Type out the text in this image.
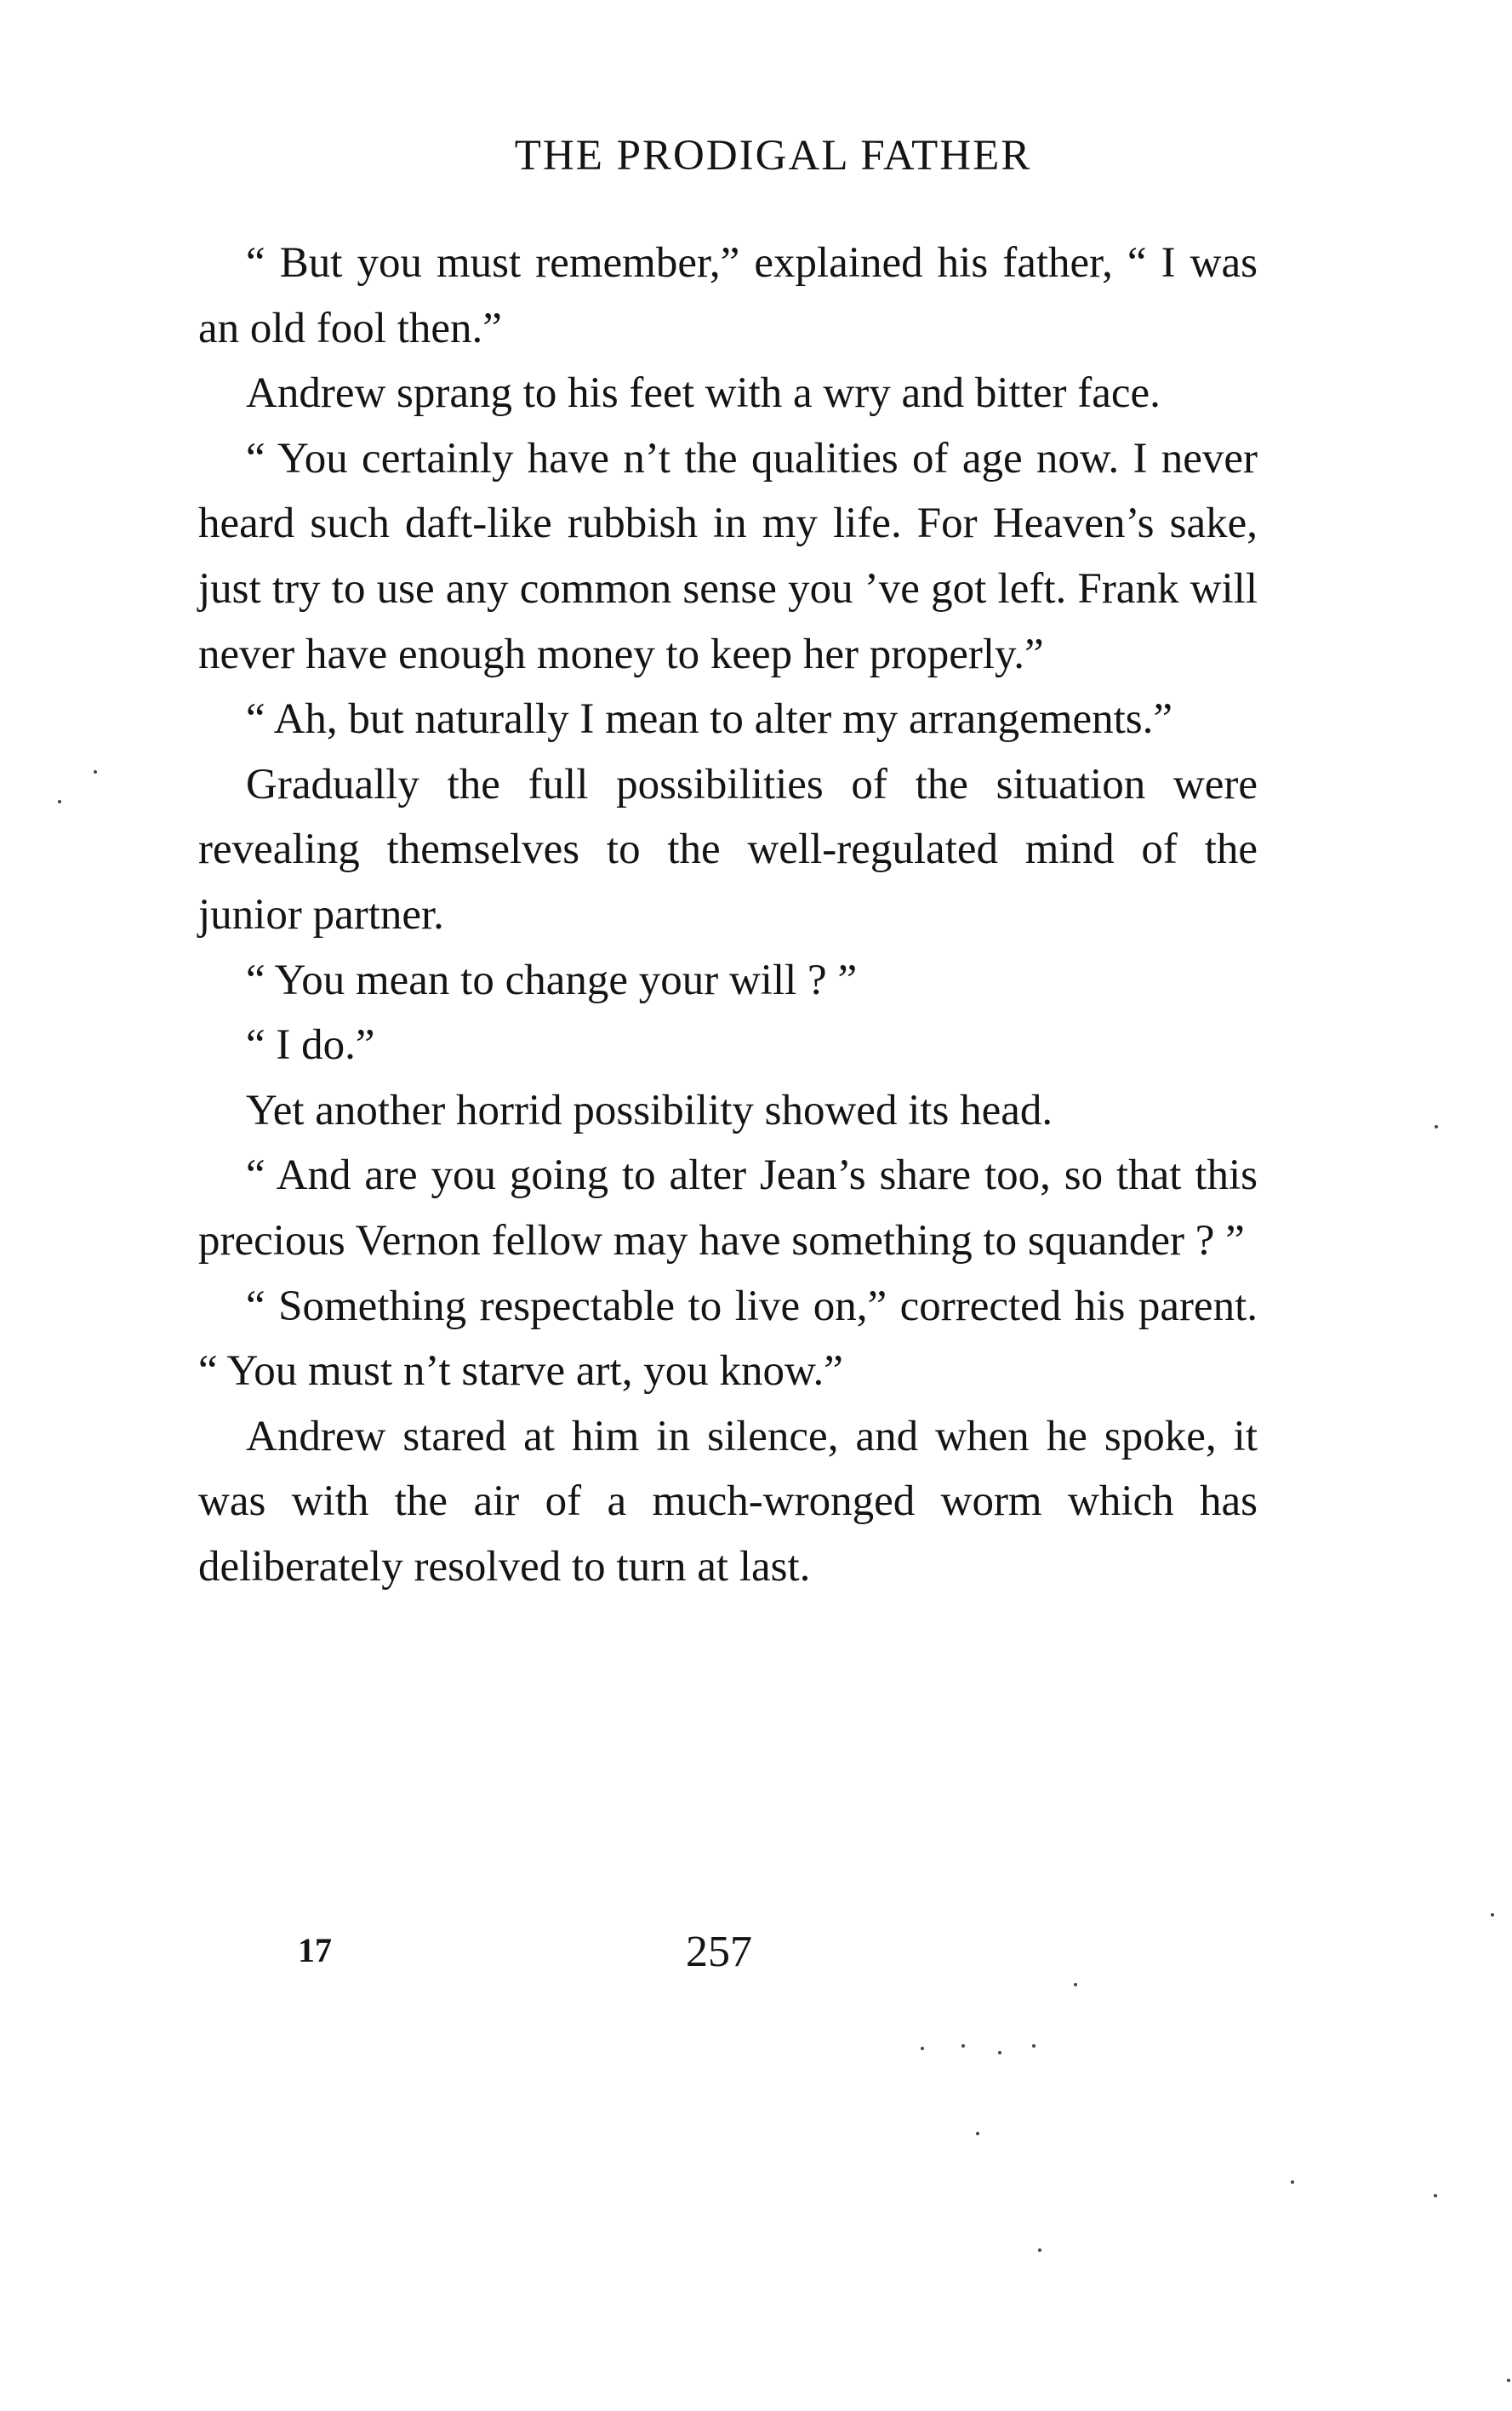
THE PRODIGAL FATHER

“ But you must remember,” explained his father, “ I was an old fool then.”

Andrew sprang to his feet with a wry and bitter face.

“ You certainly have n’t the qualities of age now. I never heard such daft-like rubbish in my life. For Heaven’s sake, just try to use any common sense you ’ve got left. Frank will never have enough money to keep her properly.”

“ Ah, but naturally I mean to alter my arrangements.”

Gradually the full possibilities of the situation were revealing themselves to the well-regulated mind of the junior partner.

“ You mean to change your will ? ”

“ I do.”

Yet another horrid possibility showed its head.

“ And are you going to alter Jean’s share too, so that this precious Vernon fellow may have something to squander ? ”

“ Something respectable to live on,” corrected his parent. “ You must n’t starve art, you know.”

Andrew stared at him in silence, and when he spoke, it was with the air of a much-wronged worm which has deliberately resolved to turn at last.

17	257
